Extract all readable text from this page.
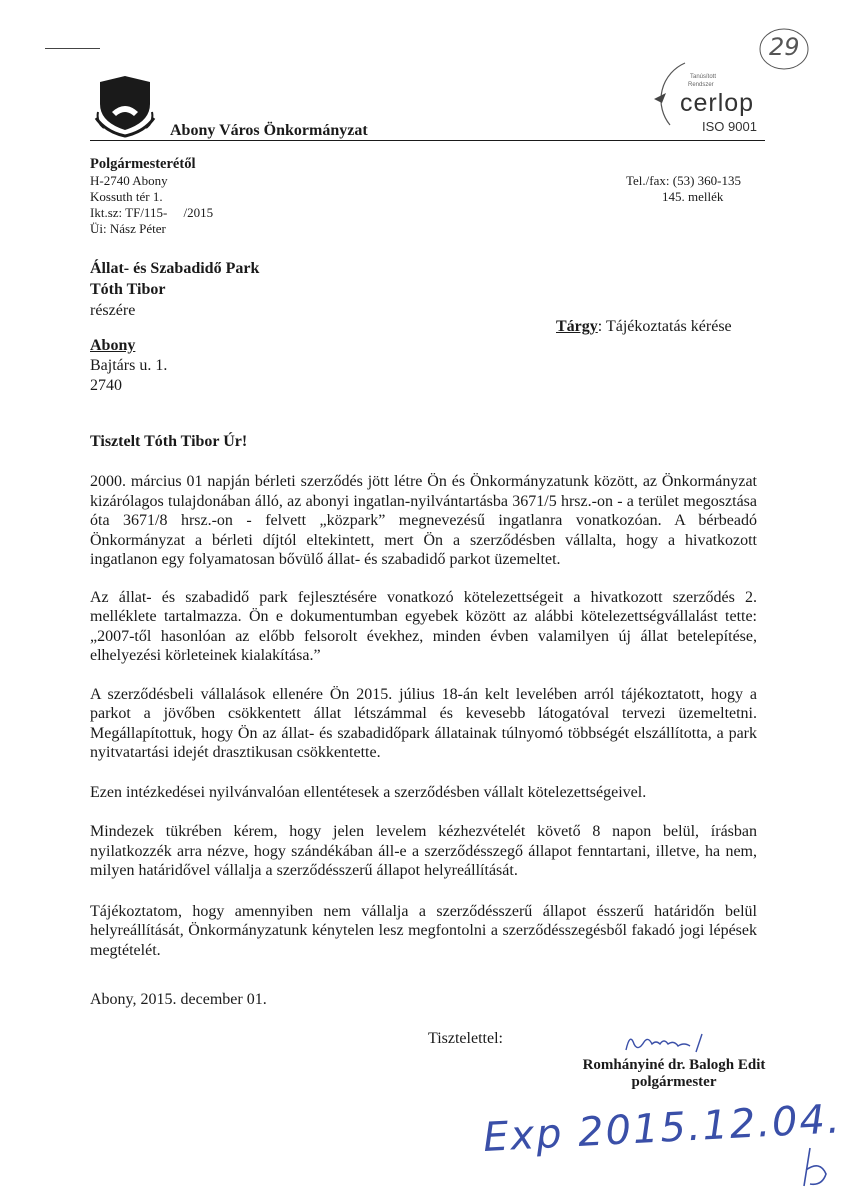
Abony Város Önkormányzat
Tanúsított
Rendszer
cerlop
ISO 9001
29
Polgármesterétől
H-2740 Abony
Kossuth tér 1.
Ikt.sz: TF/115-     /2015
Üi: Nász Péter
Tel./fax: (53) 360-135
145. mellék
Állat- és Szabadidő Park
Tóth Tibor
részére
Tárgy: Tájékoztatás kérése
Abony
Bajtárs u. 1.
2740
Tisztelt Tóth Tibor Úr!

2000. március 01 napján bérleti szerződés jött létre Ön és Önkormányzatunk között, az Önkormányzat kizárólagos tulajdonában álló, az abonyi ingatlan-nyilvántartásba 3671/5 hrsz.-on - a terület megosztása óta 3671/8 hrsz.-on - felvett „közpark” megnevezésű ingatlanra vonatkozóan. A bérbeadó Önkormányzat a bérleti díjtól eltekintett, mert Ön a szerződésben vállalta, hogy a hivatkozott ingatlanon egy folyamatosan bővülő állat- és szabadidő parkot üzemeltet.

Az állat- és szabadidő park fejlesztésére vonatkozó kötelezettségeit a hivatkozott szerződés 2. melléklete tartalmazza. Ön e dokumentumban egyebek között az alábbi kötelezettségvállalást tette: „2007-től hasonlóan az előbb felsorolt évekhez, minden évben valamilyen új állat betelepítése, elhelyezési körleteinek kialakítása.”

A szerződésbeli vállalások ellenére Ön 2015. július 18-án kelt levelében arról tájékoztatott, hogy a parkot a jövőben csökkentett állat létszámmal és kevesebb látogatóval tervezi üzemeltetni. Megállapítottuk, hogy Ön az állat- és szabadidőpark állatainak túlnyomó többségét elszállította, a park nyitvatartási idejét drasztikusan csökkentette.

Ezen intézkedései nyilvánvalóan ellentétesek a szerződésben vállalt kötelezettségeivel.

Mindezek tükrében kérem, hogy jelen levelem kézhezvételét követő 8 napon belül, írásban nyilatkozzék arra nézve, hogy szándékában áll-e a szerződésszegő állapot fenntartani, illetve, ha nem, milyen határidővel vállalja a szerződésszerű állapot helyreállítását.

Tájékoztatom, hogy amennyiben nem vállalja a szerződésszerű állapot ésszerű határidőn belül helyreállítását, Önkormányzatunk kénytelen lesz megfontolni a szerződésszegésből fakadó jogi lépések megtételét.

Abony, 2015. december 01.
Tisztelettel:
Romhányiné dr. Balogh Edit
polgármester
Exp 2015.12.04.
